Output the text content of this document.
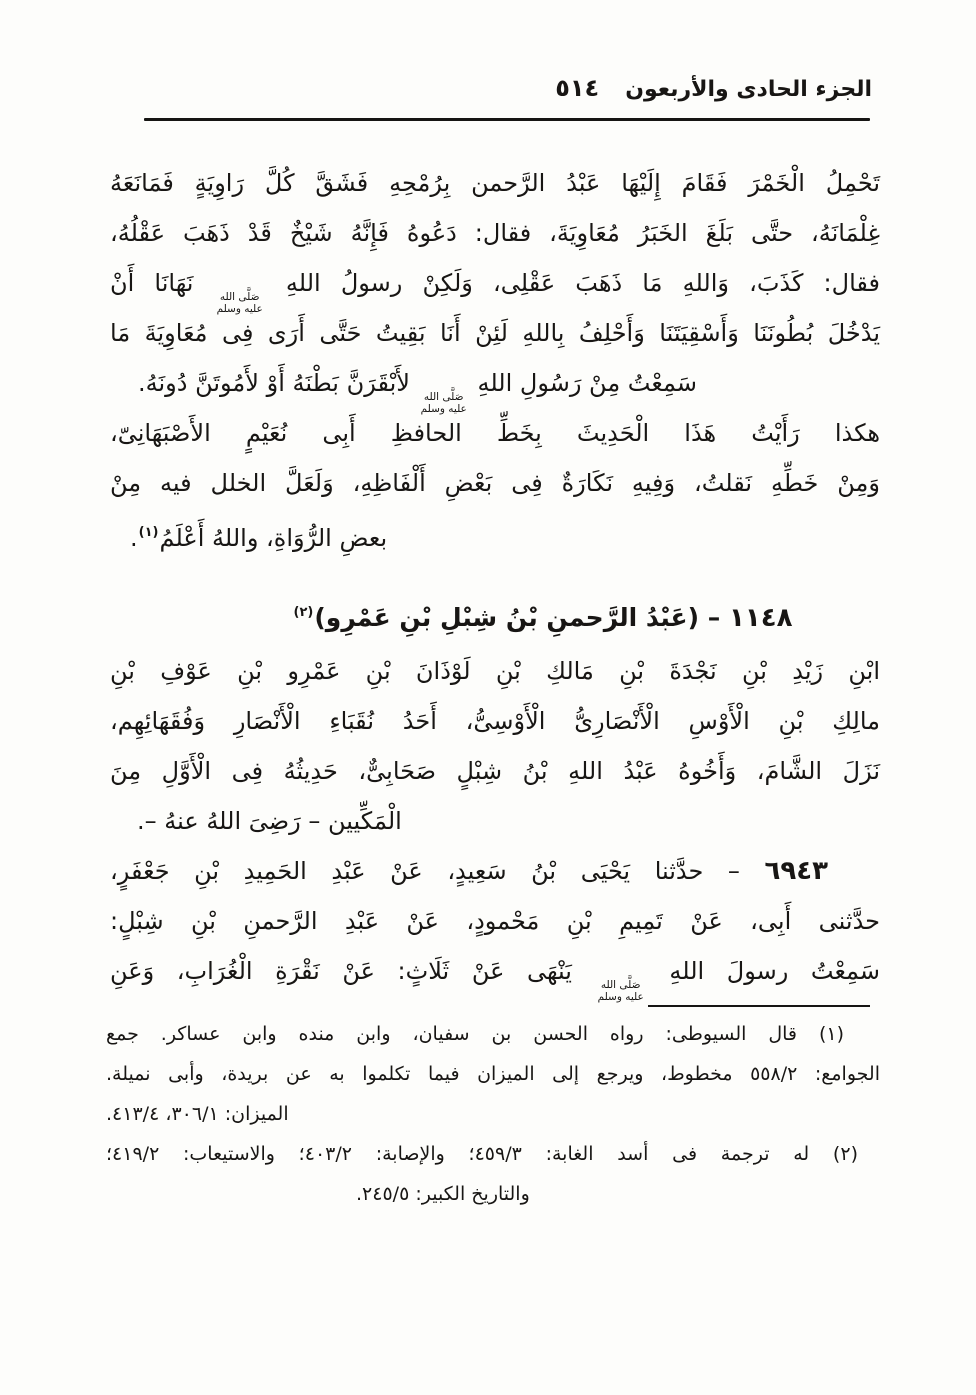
الجزء الحادى والأربعون
٥١٤
تَحْمِلُ الْخَمْرَ فَقَامَ إِلَيْهَا عَبْدُ الرَّحمن بِرُمْحِهِ فَشَقَّ كُلَّ رَاوِيَةٍ فَمَانَعَهُ
غِلْمَانَهُ، حتَّى بَلَغَ الخَبَرُ مُعَاوِيَةَ، فقال: دَعُوهُ فَإِنَّهُ شَيْخٌ قَدْ ذَهَبَ عَقْلُهُ،
فقال: كَذَبَ، وَاللهِ مَا ذَهَبَ عَقْلِى، وَلَكِنْ رسولُ اللهِ
صَلَّى الله
عليه وسلم
نَهَانَا أَنْ
يَدْخُلَ بُطُونَنَا وَأَسْقِيَتَنَا وَأَحْلِفُ بِاللهِ لَئِنْ أَنَا بَقِيتُ حَتَّى أَرَى فِى مُعَاوِيَةَ مَا
سَمِعْتُ مِنْ رَسُولِ اللهِ
صَلَّى الله
عليه وسلم
لأَبْقَرَنَّ بَطْنَهُ أَوْ لأَمُوتَنَّ دُونَهُ.
هكذا رَأَيْتُ هَذَا الْحَدِيثَ بِخَطِّ الحافظِ أَبِى نُعَيْمٍ الأَصْبَهَانِىّ،
وَمِنْ خَطِّهِ نَقلتُ، وَفِيهِ نَكَارَةٌ فِى بَعْضِ أَلْفَاظِهِ، وَلَعَلَّ الخلل فيه مِنْ
بعضِ الرُّوَاةِ، واللهُ أَعْلَمُ$^{(١)}$.
١١٤٨ – (عَبْدُ الرَّحمنِ بْنُ شِبْلِ بْنِ عَمْرِو)$^{(٢)}$
ابْنِ زَيْدِ بْنِ نَجْدَةَ بْنِ مَالكِ بْنِ لَوْذَانَ بْنِ عَمْرِو بْنِ عَوْفِ بْنِ
مالِكِ بْنِ الْأَوْسِ الْأَنْصَارِىُّ الْأَوْسِىُّ، أَحَدُ نُقَبَاءِ الْأَنْصَارِ وَفُقَهَائِهِم،
نَزَلَ الشَّامَ، وَأَخُوهُ عَبْدُ اللهِ بْنُ شِبْلٍ صَحَابِىٌّ، حَدِيثُهُ فِى الْأَوَّلِ مِنَ
الْمَكِّيين – رَضِىَ اللهُ عنهُ –.
٦٩٤٣ – حدَّثنا يَحْيَى بْنُ سَعِيدٍ، عَنْ عَبْدِ الحَمِيدِ بْنِ جَعْفَرٍ،
حدَّثنى أَبِى، عَنْ تَمِيمِ بْنِ مَحْمودٍ، عَنْ عَبْدِ الرَّحمنِ بْنِ شِبْلٍ:
سَمِعْتُ رسولَ اللهِ
صَلَّى الله
عليه وسلم
يَنْهَى عَنْ ثَلَاثٍ: عَنْ نَقْرَةِ الْغُرَابِ، وَعَنِ
(١) قال السيوطى: رواه الحسن بن سفيان، وابن منده وابن عساكر. جمع
الجوامع: ٥٥٨/٢ مخطوط، ويرجع إلى الميزان فيما تكلموا به عن بريدة، وأبى نميلة.
الميزان: ٣٠٦/١، ٤١٣/٤.
(٢) له ترجمة فى أسد الغابة: ٤٥٩/٣؛ والإصابة: ٤٠٣/٢؛ والاستيعاب: ٤١٩/٢؛
والتاريخ الكبير: ٢٤٥/٥.
